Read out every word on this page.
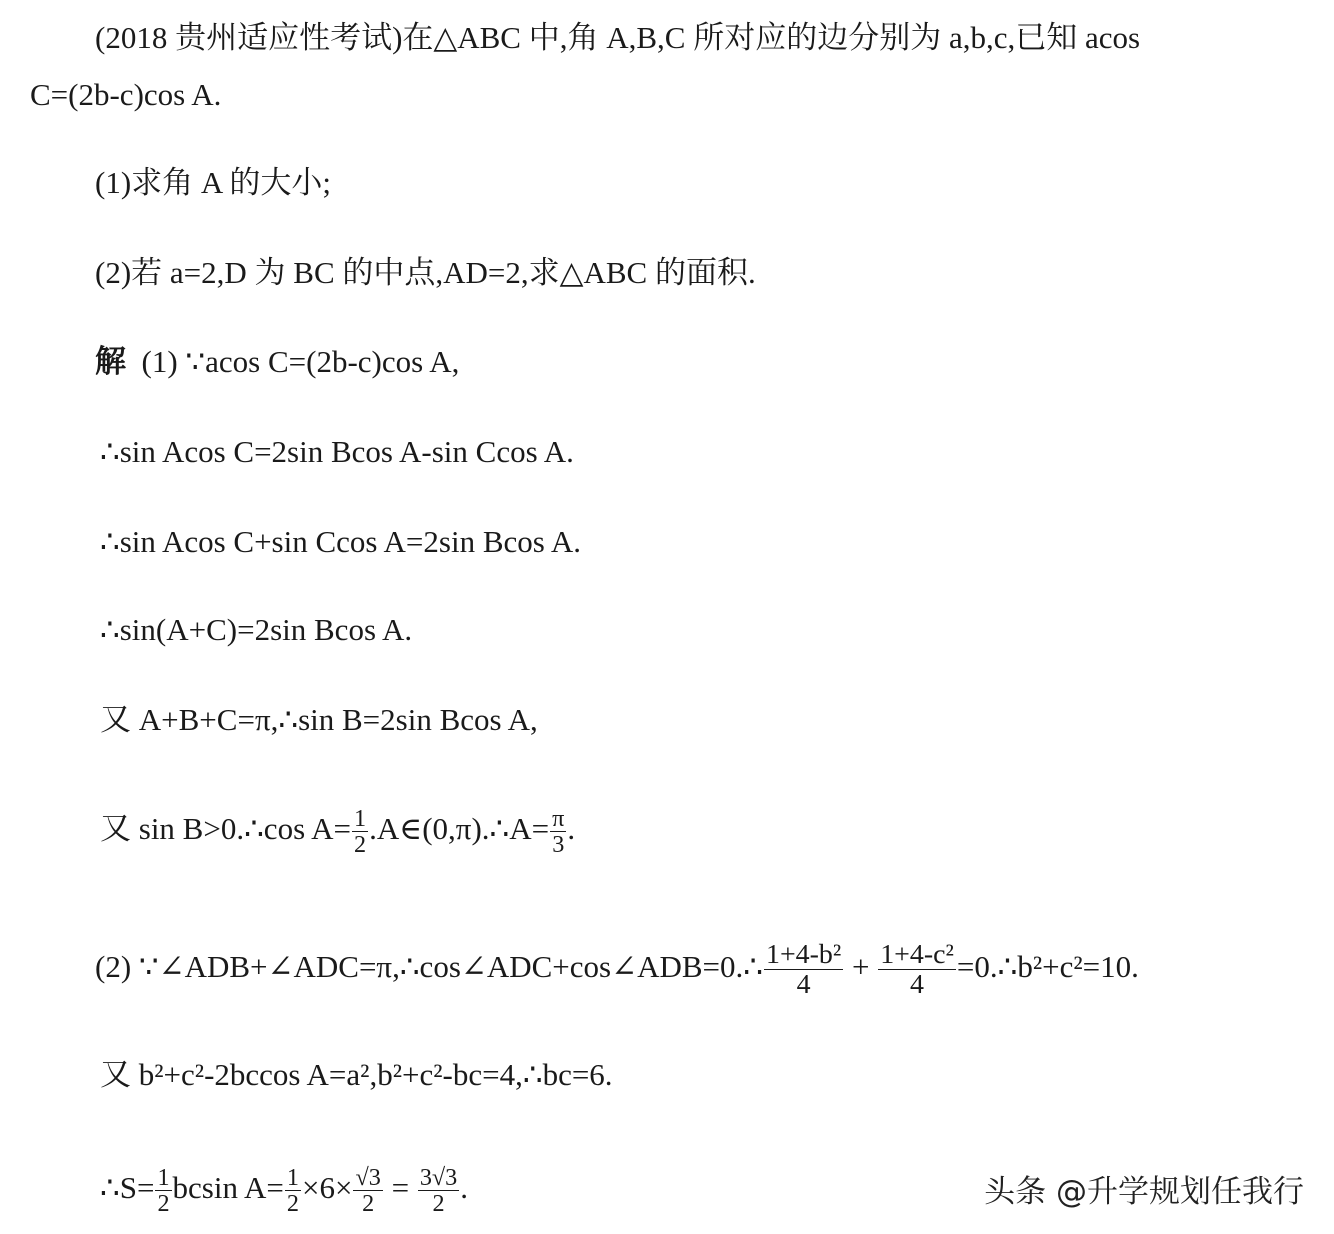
(2018 贵州适应性考试)在△ABC 中,角 A,B,C 所对应的边分别为 a,b,c,已知 acos
C=(2b-c)cos A.
(1)求角 A 的大小;
(2)若 a=2,D 为 BC 的中点,AD=2,求△ABC 的面积.
解 (1) ∵acos C=(2b-c)cos A,
∴sin Acos C=2sin Bcos A-sin Ccos A.
∴sin Acos C+sin Ccos A=2sin Bcos A.
∴sin(A+C)=2sin Bcos A.
又 A+B+C=π,∴sin B=2sin Bcos A,
又 sin B>0.∴cos $A= \frac{1}{2}$ .A∈(0,π).∴A= $\frac{\pi}{3}$ .
(2) ∵∠ADB+∠ADC=π,∴cos∠ADC+cos∠ADB=0.∴ $\frac{\text{1+4-b²}}{4} + \frac{\text{1+4-c²}}{4}$ =0.∴b²+c²=10.
又 b²+c²-2bccos A=a²,b²+c²-bc=4,∴bc=6.
∴S= $\frac{1}{2}$ bcsin $A= \frac{1}{2} \times 6\times \frac{√3}{2} = \frac{3√3}{2}$ .	头条 @升学规划任我行
